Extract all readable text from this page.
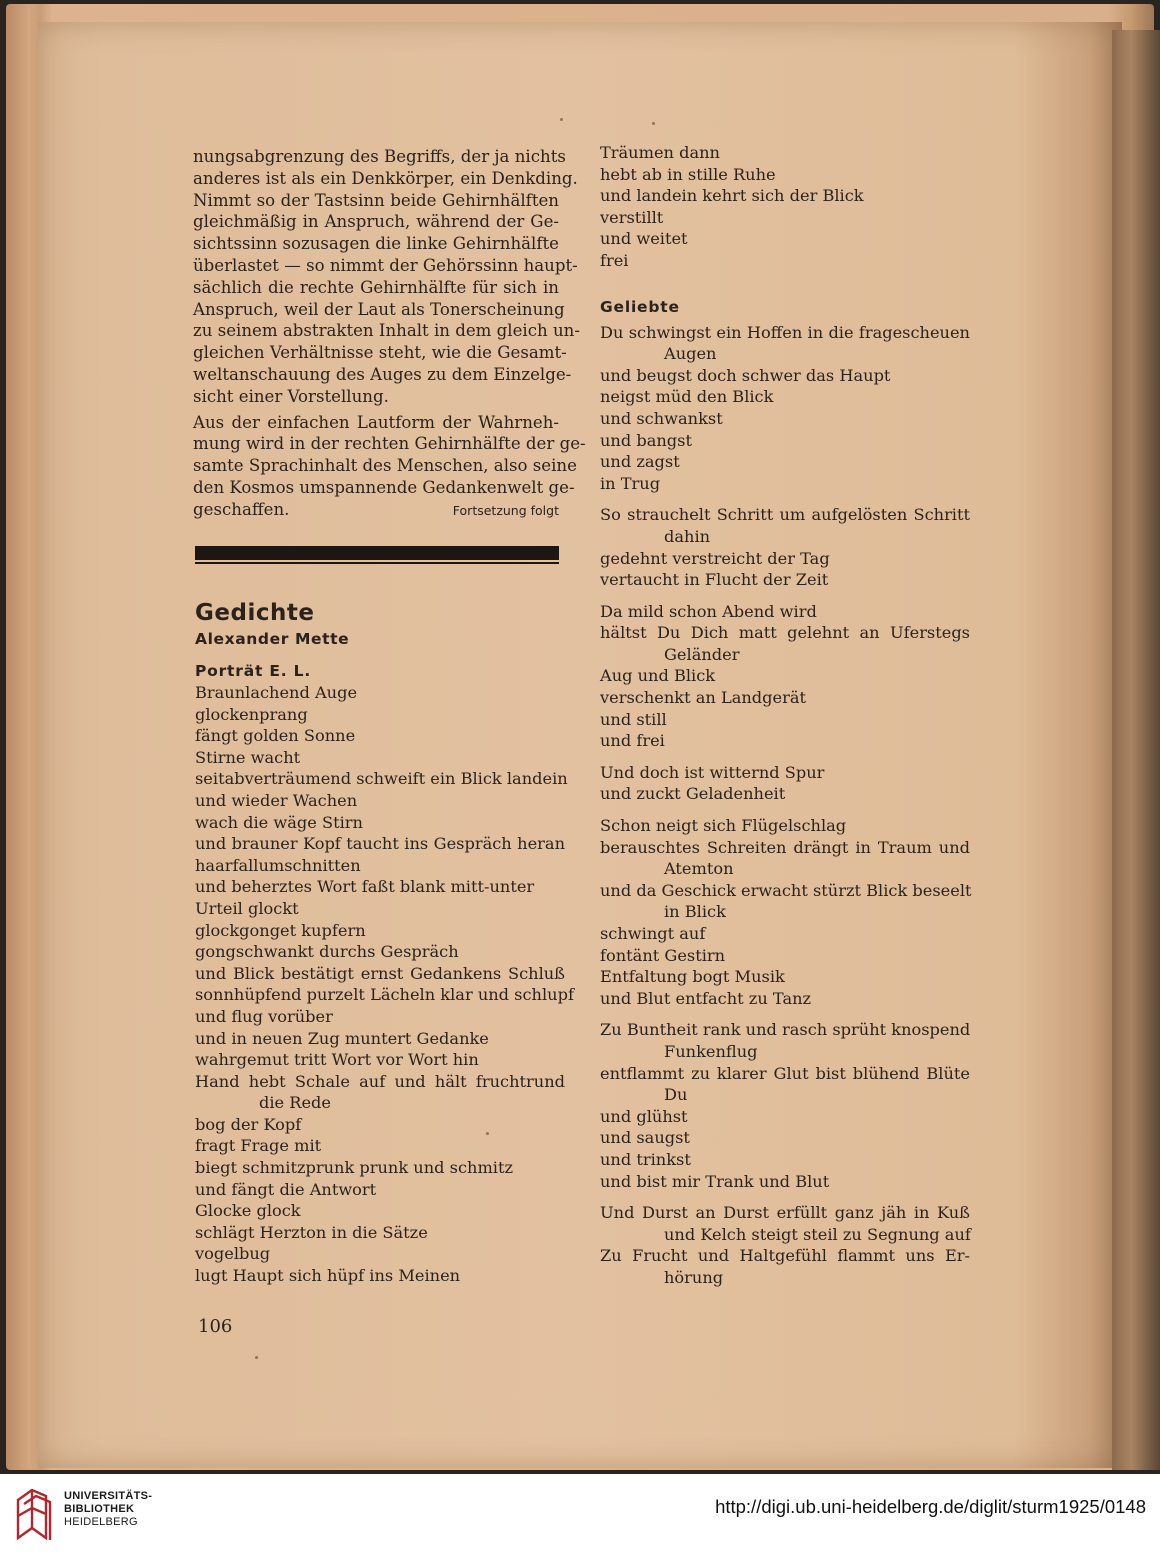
nungsabgrenzung des Begriffs, der ja nichts
anderes ist als ein Denkkörper, ein Denkding.
Nimmt so der Tastsinn beide Gehirnhälften
gleichmäßig in Anspruch, während der Ge-
sichtssinn sozusagen die linke Gehirnhälfte
überlastet — so nimmt der Gehörssinn haupt-
sächlich die rechte Gehirnhälfte für sich in
Anspruch, weil der Laut als Tonerscheinung
zu seinem abstrakten Inhalt in dem gleich un-
gleichen Verhältnisse steht, wie die Gesamt-
weltanschauung des Auges zu dem Einzelge-
sicht einer Vorstellung.
Aus der einfachen Lautform der Wahrneh-
mung wird in der rechten Gehirnhälfte der ge-
samte Sprachinhalt des Menschen, also seine
den Kosmos umspannende Gedankenwelt ge-
geschaffen.	Fortsetzung folgt
Gedichte
Alexander Mette
Porträt E. L.
Braunlachend Auge
glockenprang
fängt golden Sonne
Stirne wacht
seitabverträumend schweift ein Blick landein
und wieder Wachen
wach die wäge Stirn
und brauner Kopf taucht ins Gespräch heran
haarfallumschnitten
und beherztes Wort faßt blank mitt-unter
Urteil glockt
glockgonget kupfern
gongschwankt durchs Gespräch
und Blick bestätigt ernst Gedankens Schluß
sonnhüpfend purzelt Lächeln klar und schlupf
und flug vorüber
und in neuen Zug muntert Gedanke
wahrgemut tritt Wort vor Wort hin
Hand hebt Schale auf und hält fruchtrund
die Rede
bog der Kopf
fragt Frage mit
biegt schmitzprunk prunk und schmitz
und fängt die Antwort
Glocke glock
schlägt Herzton in die Sätze
vogelbug
lugt Haupt sich hüpf ins Meinen
Träumen dann
hebt ab in stille Ruhe
und landein kehrt sich der Blick
verstillt
und weitet
frei
Geliebte
Du schwingst ein Hoffen in die fragescheuen
Augen
und beugst doch schwer das Haupt
neigst müd den Blick
und schwankst
und bangst
und zagst
in Trug
So strauchelt Schritt um aufgelösten Schritt
dahin
gedehnt verstreicht der Tag
vertaucht in Flucht der Zeit
Da mild schon Abend wird
hältst Du Dich matt gelehnt an Uferstegs
Geländer
Aug und Blick
verschenkt an Landgerät
und still
und frei
Und doch ist witternd Spur
und zuckt Geladenheit
Schon neigt sich Flügelschlag
berauschtes Schreiten drängt in Traum und
Atemton
und da Geschick erwacht stürzt Blick beseelt
in Blick
schwingt auf
fontänt Gestirn
Entfaltung bogt Musik
und Blut entfacht zu Tanz
Zu Buntheit rank und rasch sprüht knospend
Funkenflug
entflammt zu klarer Glut bist blühend Blüte
Du
und glühst
und saugst
und trinkst
und bist mir Trank und Blut
Und Durst an Durst erfüllt ganz jäh in Kuß
und Kelch steigt steil zu Segnung auf
Zu Frucht und Haltgefühl flammt uns Er-
hörung
106
UNIVERSITÄTS-
BIBLIOTHEK
HEIDELBERG
http://digi.ub.uni-heidelberg.de/diglit/sturm1925/0148
